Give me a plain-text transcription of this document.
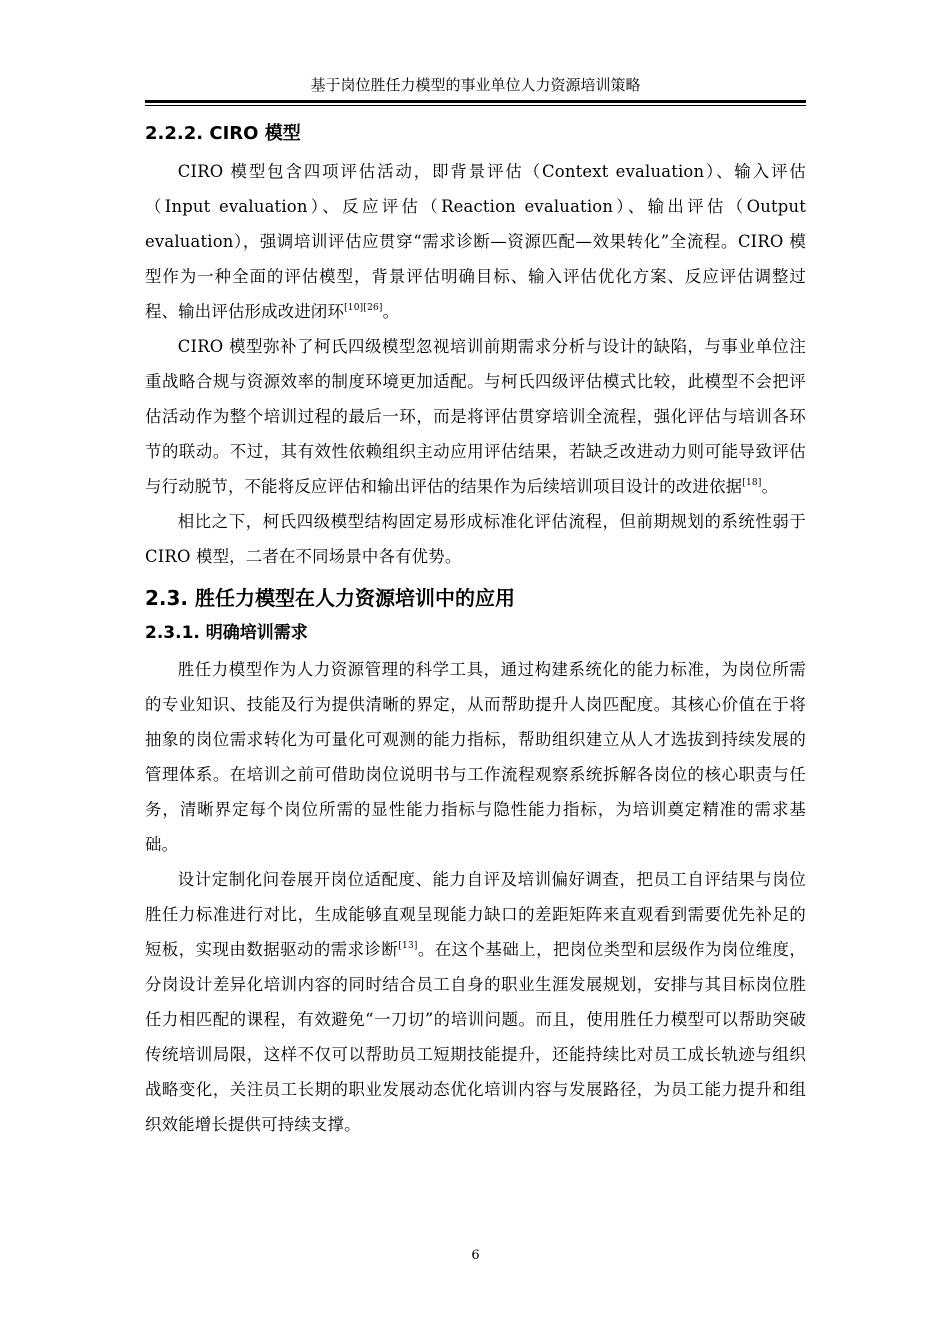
基于岗位胜任力模型的事业单位人力资源培训策略
2.2.2. CIRO 模型

CIRO 模型包含四项评估活动，即背景评估（Context evaluation）、输入评估（Input evaluation）、反应评估（Reaction evaluation）、输出评估（Output evaluation），强调培训评估应贯穿“需求诊断—资源匹配—效果转化”全流程。CIRO 模型作为一种全面的评估模型，背景评估明确目标、输入评估优化方案、反应评估调整过程、输出评估形成改进闭环[10][26]。

CIRO 模型弥补了柯氏四级模型忽视培训前期需求分析与设计的缺陷，与事业单位注重战略合规与资源效率的制度环境更加适配。与柯氏四级评估模式比较，此模型不会把评估活动作为整个培训过程的最后一环，而是将评估贯穿培训全流程，强化评估与培训各环节的联动。不过，其有效性依赖组织主动应用评估结果，若缺乏改进动力则可能导致评估与行动脱节，不能将反应评估和输出评估的结果作为后续培训项目设计的改进依据[18]。

相比之下，柯氏四级模型结构固定易形成标准化评估流程，但前期规划的系统性弱于 CIRO 模型，二者在不同场景中各有优势。

2.3. 胜任力模型在人力资源培训中的应用
2.3.1. 明确培训需求

胜任力模型作为人力资源管理的科学工具，通过构建系统化的能力标准，为岗位所需的专业知识、技能及行为提供清晰的界定，从而帮助提升人岗匹配度。其核心价值在于将抽象的岗位需求转化为可量化可观测的能力指标，帮助组织建立从人才选拔到持续发展的管理体系。在培训之前可借助岗位说明书与工作流程观察系统拆解各岗位的核心职责与任务，清晰界定每个岗位所需的显性能力指标与隐性能力指标，为培训奠定精准的需求基础。

设计定制化问卷展开岗位适配度、能力自评及培训偏好调查，把员工自评结果与岗位胜任力标准进行对比，生成能够直观呈现能力缺口的差距矩阵来直观看到需要优先补足的短板，实现由数据驱动的需求诊断[13]。在这个基础上，把岗位类型和层级作为岗位维度，分岗设计差异化培训内容的同时结合员工自身的职业生涯发展规划，安排与其目标岗位胜任力相匹配的课程，有效避免“一刀切”的培训问题。而且，使用胜任力模型可以帮助突破传统培训局限，这样不仅可以帮助员工短期技能提升，还能持续比对员工成长轨迹与组织战略变化，关注员工长期的职业发展动态优化培训内容与发展路径，为员工能力提升和组织效能增长提供可持续支撑。

6
